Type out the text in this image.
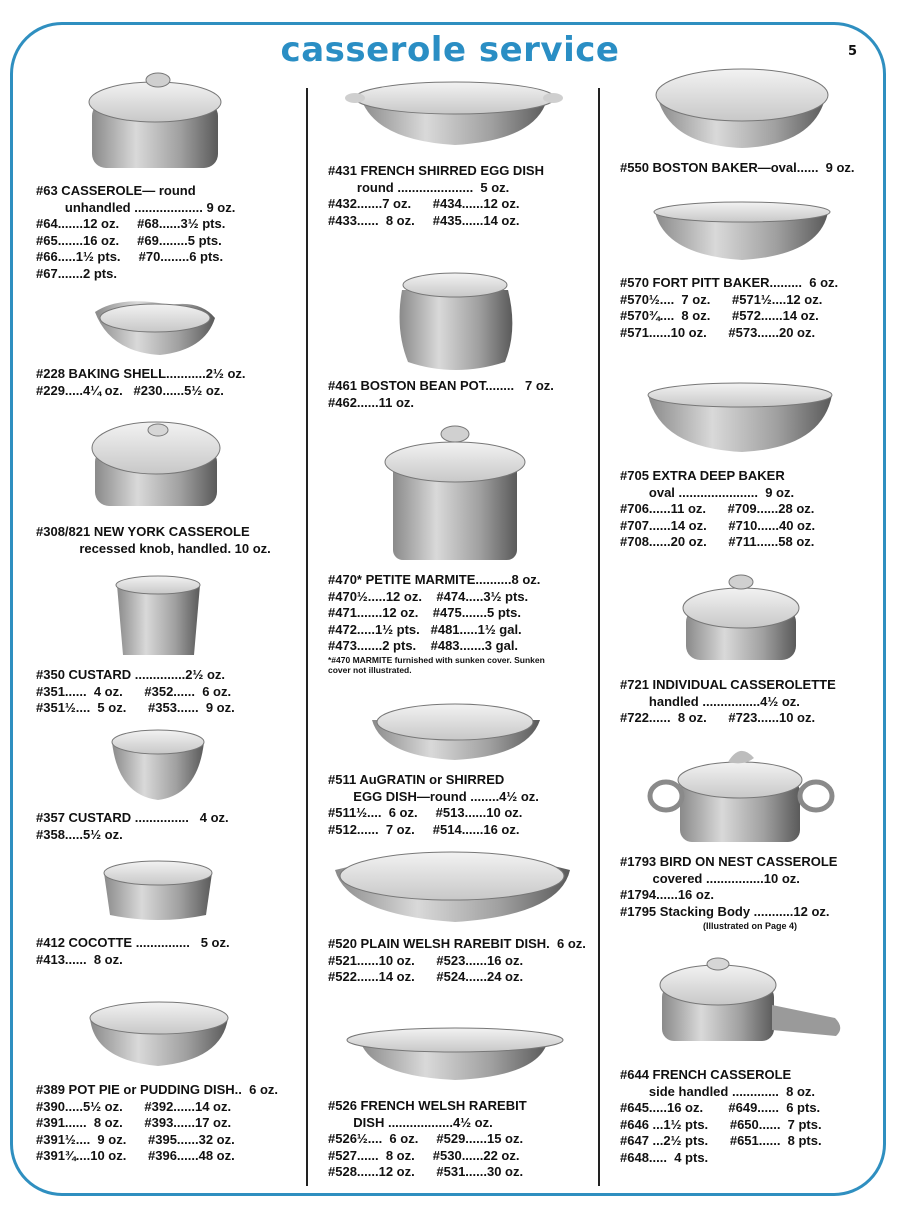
casserole service	5
#63 CASSEROLE— round
unhandled ................... 9 oz.
#64.......12 oz.     #68......3½ pts.
#65.......16 oz.     #69........5 pts.
#66.....1½ pts.     #70........6 pts.
#67.......2 pts.
#228 BAKING SHELL...........2½ oz.
#229.....4¼ oz.   #230......5½ oz.
#308/821 NEW YORK CASSEROLE
recessed knob, handled. 10 oz.
#350 CUSTARD ..............2½ oz.
#351......  4 oz.      #352......  6 oz.
#351½....  5 oz.      #353......  9 oz.
#357 CUSTARD ...............   4 oz.
#358.....5½ oz.
#412 COCOTTE ...............   5 oz.
#413......  8 oz.
#389 POT PIE or PUDDING DISH..  6 oz.
#390.....5½ oz.      #392......14 oz.
#391......  8 oz.      #393......17 oz.
#391½....  9 oz.      #395......32 oz.
#391¾....10 oz.      #396......48 oz.
#431 FRENCH SHIRRED EGG DISH
round .....................  5 oz.
#432.......7 oz.      #434......12 oz.
#433......  8 oz.     #435......14 oz.
#461 BOSTON BEAN POT........   7 oz.
#462......11 oz.
#470* PETITE MARMITE..........8 oz.
#470½.....12 oz.    #474.....3½ pts.
#471.......12 oz.    #475.......5 pts.
#472.....1½ pts.   #481.....1½ gal.
#473.......2 pts.    #483.......3 gal.
*#470 MARMITE furnished with sunken cover. Sunken
cover not illustrated.
#511 AuGRATIN or SHIRRED
EGG DISH—round ........4½ oz.
#511½....  6 oz.     #513......10 oz.
#512......  7 oz.     #514......16 oz.
#520 PLAIN WELSH RAREBIT DISH.  6 oz.
#521......10 oz.      #523......16 oz.
#522......14 oz.      #524......24 oz.
#526 FRENCH WELSH RAREBIT
DISH ..................4½ oz.
#526½....  6 oz.     #529......15 oz.
#527......  8 oz.     #530......22 oz.
#528......12 oz.      #531......30 oz.
#550 BOSTON BAKER—oval......  9 oz.
#570 FORT PITT BAKER.........  6 oz.
#570½....  7 oz.      #571½....12 oz.
#570¾....  8 oz.      #572......14 oz.
#571......10 oz.      #573......20 oz.
#705 EXTRA DEEP BAKER
oval ......................  9 oz.
#706......11 oz.      #709......28 oz.
#707......14 oz.      #710......40 oz.
#708......20 oz.      #711......58 oz.
#721 INDIVIDUAL CASSEROLETTE
handled ................4½ oz.
#722......  8 oz.      #723......10 oz.
#1793 BIRD ON NEST CASSEROLE
covered ................10 oz.
#1794......16 oz.
#1795 Stacking Body ...........12 oz.
(Illustrated on Page 4)
#644 FRENCH CASSEROLE
side handled .............  8 oz.
#645.....16 oz.       #649......  6 pts.
#646 ...1½ pts.      #650......  7 pts.
#647 ...2½ pts.      #651......  8 pts.
#648.....  4 pts.
